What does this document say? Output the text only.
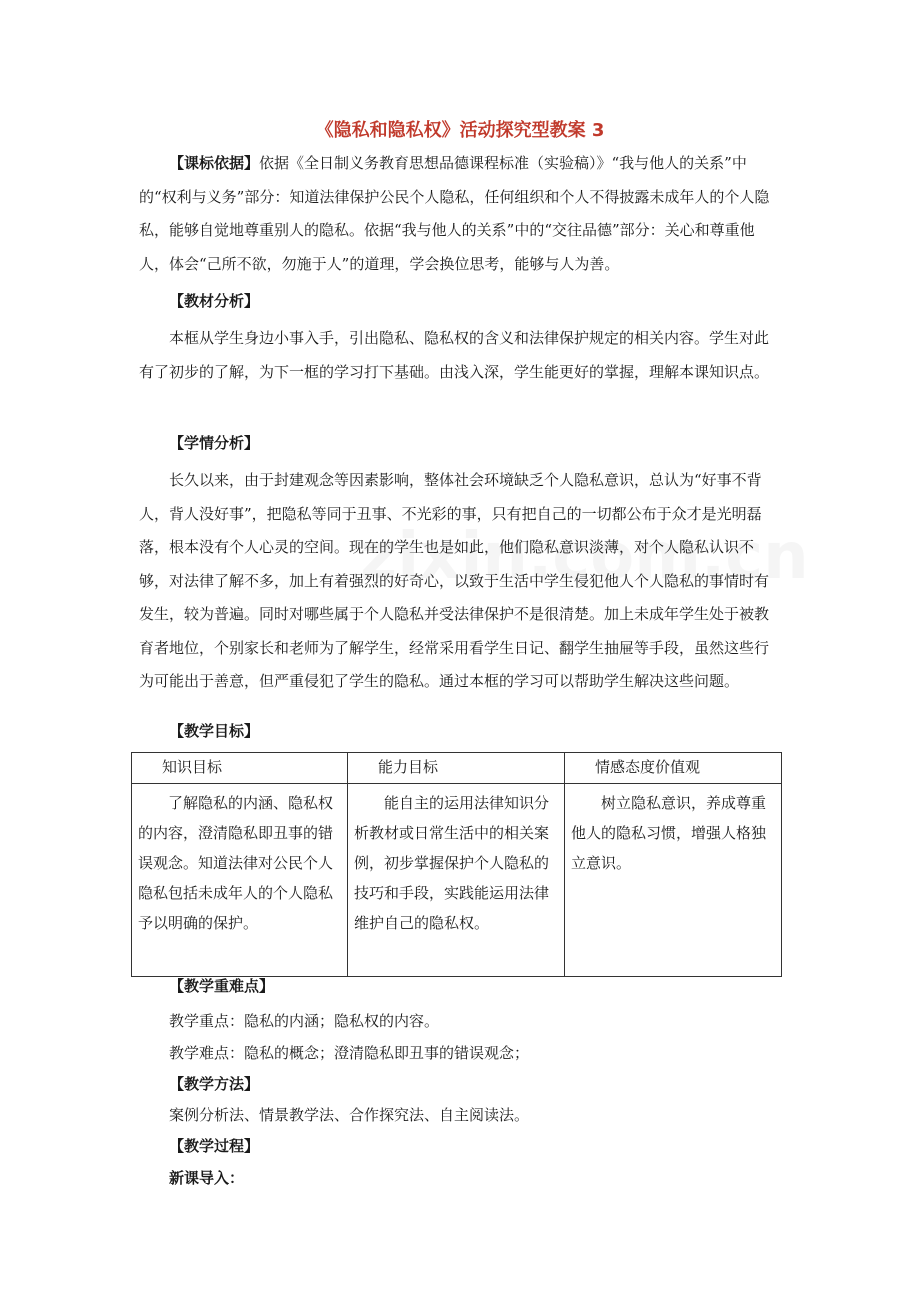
《隐私和隐私权》活动探究型教案 3
【课标依据】依据《全日制义务教育思想品德课程标准（实验稿）》“我与他人的关系”中的“权利与义务”部分：知道法律保护公民个人隐私，任何组织和个人不得披露未成年人的个人隐私，能够自觉地尊重别人的隐私。依据“我与他人的关系”中的“交往品德”部分：关心和尊重他人，体会“己所不欲，勿施于人”的道理，学会换位思考，能够与人为善。
【教材分析】
本框从学生身边小事入手，引出隐私、隐私权的含义和法律保护规定的相关内容。学生对此有了初步的了解，为下一框的学习打下基础。由浅入深，学生能更好的掌握，理解本课知识点。
【学情分析】
长久以来，由于封建观念等因素影响，整体社会环境缺乏个人隐私意识，总认为“好事不背人，背人没好事”，把隐私等同于丑事、不光彩的事，只有把自己的一切都公布于众才是光明磊落，根本没有个人心灵的空间。现在的学生也是如此，他们隐私意识淡薄，对个人隐私认识不够，对法律了解不多，加上有着强烈的好奇心，以致于生活中学生侵犯他人个人隐私的事情时有发生，较为普遍。同时对哪些属于个人隐私并受法律保护不是很清楚。加上未成年学生处于被教育者地位，个别家长和老师为了解学生，经常采用看学生日记、翻学生抽屉等手段，虽然这些行为可能出于善意，但严重侵犯了学生的隐私。通过本框的学习可以帮助学生解决这些问题。
【教学目标】
知识目标	能力目标	情感态度价值观
了解隐私的内涵、隐私权的内容，澄清隐私即丑事的错误观念。知道法律对公民个人隐私包括未成年人的个人隐私予以明确的保护。	能自主的运用法律知识分析教材或日常生活中的相关案例，初步掌握保护个人隐私的技巧和手段，实践能运用法律维护自己的隐私权。	树立隐私意识，养成尊重他人的隐私习惯，增强人格独立意识。
【教学重难点】
教学重点：隐私的内涵；隐私权的内容。
教学难点：隐私的概念；澄清隐私即丑事的错误观念；
【教学方法】
案例分析法、情景教学法、合作探究法、自主阅读法。
【教学过程】
新课导入：
